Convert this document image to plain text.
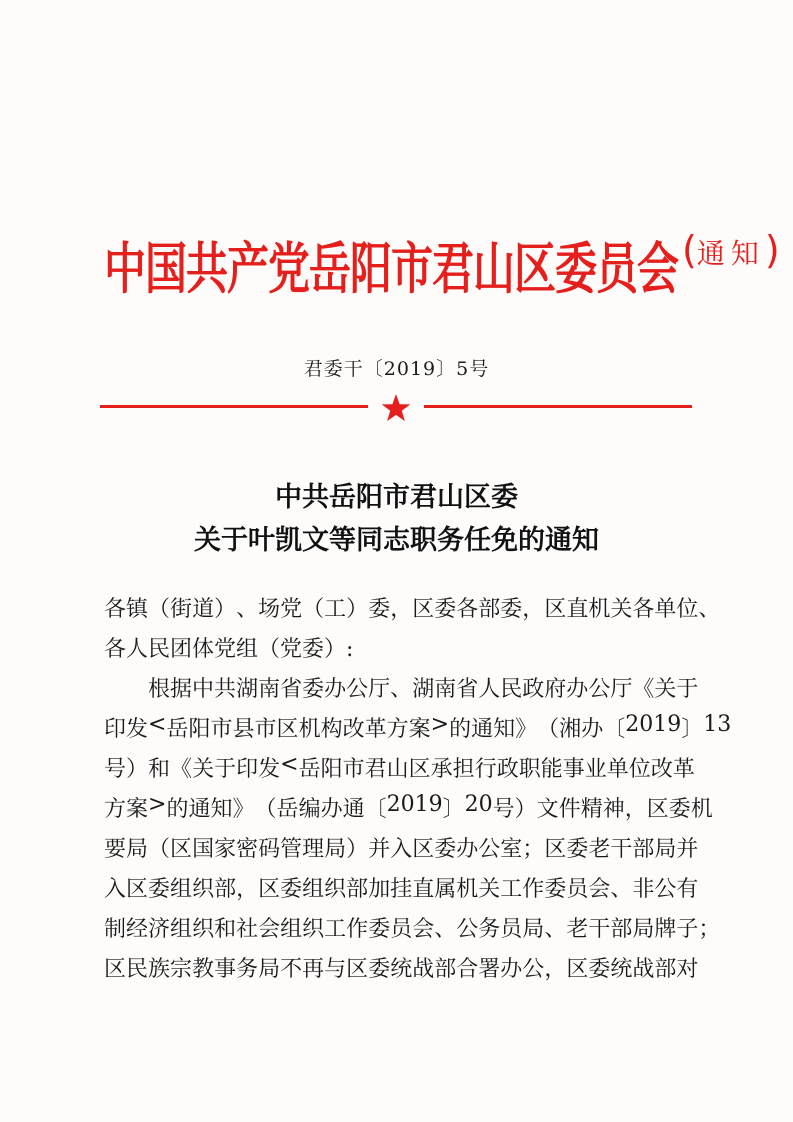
中国共产党岳阳市君山区委员会 (通知)
君委干〔2019〕5号
中共岳阳市君山区委
关于叶凯文等同志职务任免的通知
各 镇 （ 街 道 ） 、 场 党 （ 工 ） 委 ， 区 委 各 部 委 ， 区 直 机 关 各 单 位 、
各人民团体党组（党委）:
根 据 中 共 湖 南 省 委 办 公 厅 、 湖 南 省 人 民 政 府 办 公 厅 《 关 于
印 发 < 岳 阳 市 县 市 区 机 构 改 革 方 案 > 的 通 知 》 （ 湘 办 〔 2 0 1 9 〕 1 3
号 ） 和 《 关 于 印 发 < 岳 阳 市 君 山 区 承 担 行 政 职 能 事 业 单 位 改 革
方 案 > 的 通 知 》 （ 岳 编 办 通 〔 2 0 1 9 〕 2 0 号 ） 文 件 精 神 ， 区 委 机
要 局 （ 区 国 家 密 码 管 理 局 ） 并 入 区 委 办 公 室 ； 区 委 老 干 部 局 并
入 区 委 组 织 部 ， 区 委 组 织 部 加 挂 直 属 机 关 工 作 委 员 会 、 非 公 有
制 经 济 组 织 和 社 会 组 织 工 作 委 员 会 、 公 务 员 局 、 老 干 部 局 牌 子 ；
区 民 族 宗 教 事 务 局 不 再 与 区 委 统 战 部 合 署 办 公 ， 区 委 统 战 部 对
